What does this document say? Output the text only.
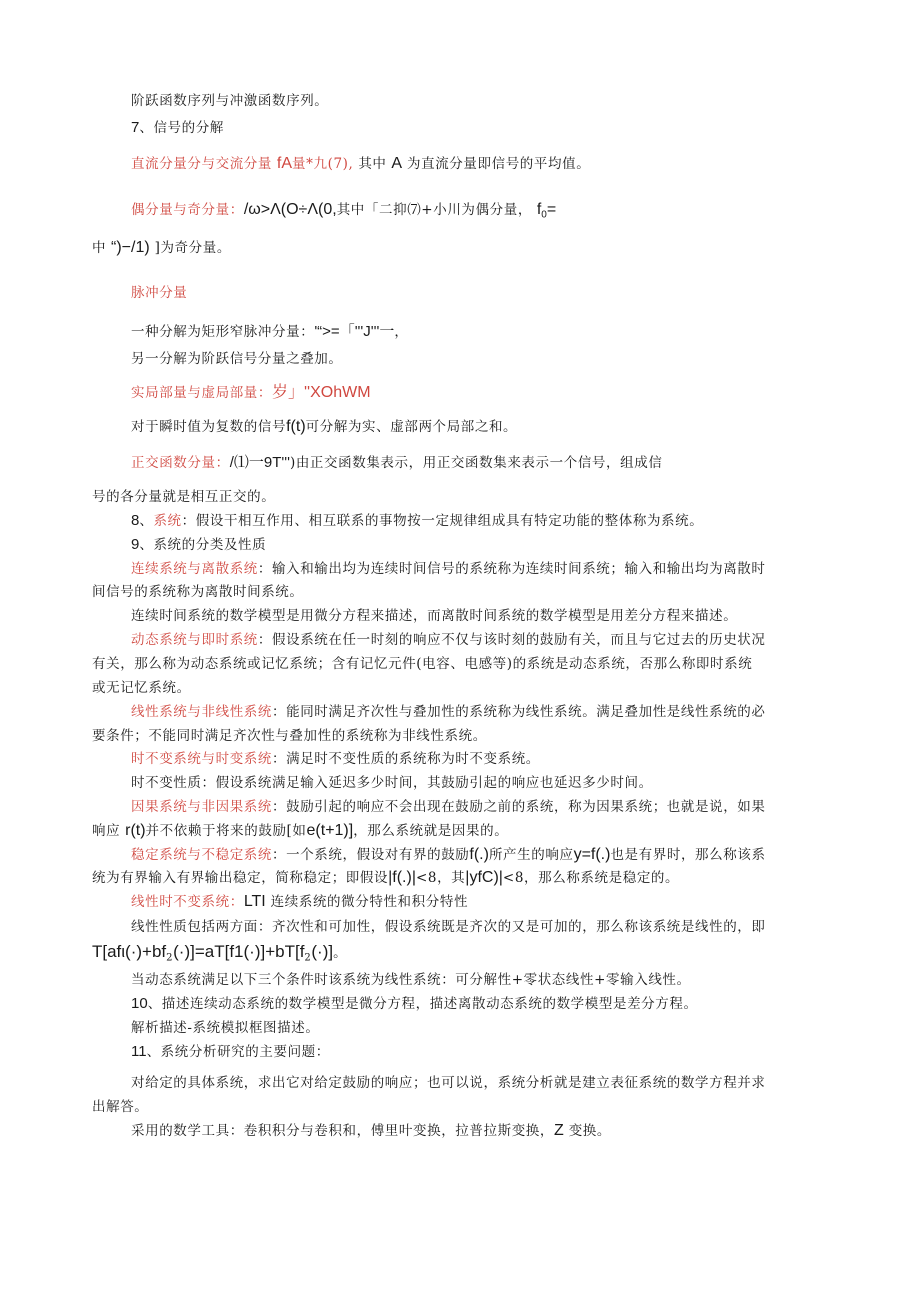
阶跃函数序列与冲激函数序列。
7、信号的分解
直流分量分与交流分量 fA量*九(7), 其中 A 为直流分量即信号的平均值。
偶分量与奇分量：/ω>Λ(O÷Λ(0,其中「二抑⑺+小川为偶分量， $f_0=$
中 “)−/1) ]为奇分量。
脉冲分量
一种分解为矩形窄脉冲分量：'“>=「'''J'''一，
另一分解为阶跃信号分量之叠加。
实局部量与虚局部量：岁」''XOhWM
对于瞬时值为复数的信号f(t)可分解为实、虚部两个局部之和。
正交函数分量：/⑴一9T''')由正交函数集表示，用正交函数集来表示一个信号，组成信
号的各分量就是相互正交的。
8、系统：假设干相互作用、相互联系的事物按一定规律组成具有特定功能的整体称为系统。
9、系统的分类及性质
连续系统与离散系统：输入和输出均为连续时间信号的系统称为连续时间系统；输入和输出均为离散时
间信号的系统称为离散时间系统。
连续时间系统的数学模型是用微分方程来描述，而离散时间系统的数学模型是用差分方程来描述。
动态系统与即时系统：假设系统在任一时刻的响应不仅与该时刻的鼓励有关，而且与它过去的历史状况
有关，那么称为动态系统或记忆系统；含有记忆元件(电容、电感等)的系统是动态系统，否那么称即时系统
或无记忆系统。
线性系统与非线性系统：能同时满足齐次性与叠加性的系统称为线性系统。满足叠加性是线性系统的必
要条件；不能同时满足齐次性与叠加性的系统称为非线性系统。
时不变系统与时变系统：满足时不变性质的系统称为时不变系统。
时不变性质：假设系统满足输入延迟多少时间，其鼓励引起的响应也延迟多少时间。
因果系统与非因果系统：鼓励引起的响应不会出现在鼓励之前的系统，称为因果系统；也就是说，如果
响应 r(t)并不依赖于将来的鼓励[如e(t+1)]，那么系统就是因果的。
稳定系统与不稳定系统：一个系统，假设对有界的鼓励f(.)所产生的响应y=f(.)也是有界时，那么称该系
统为有界输入有界输出稳定，简称稳定；即假设|f(.)|<8，其|yfC)|<8，那么称系统是稳定的。
线性时不变系统：LTI 连续系统的微分特性和积分特性
线性性质包括两方面：齐次性和可加性，假设系统既是齐次的又是可加的，那么称该系统是线性的，即
$T[af\iota(\cdot)+bf_2(\cdot)]=aT[f1(\cdot)]+bT[f_2(\cdot)]$。
当动态系统满足以下三个条件时该系统为线性系统：可分解性+零状态线性+零输入线性。
10、描述连续动态系统的数学模型是微分方程，描述离散动态系统的数学模型是差分方程。
解析描述-系统模拟框图描述。
11、系统分析研究的主要问题：
对给定的具体系统，求出它对给定鼓励的响应；也可以说，系统分析就是建立表征系统的数学方程并求
出解答。
采用的数学工具：卷积积分与卷积和，傅里叶变换，拉普拉斯变换，Z 变换。
